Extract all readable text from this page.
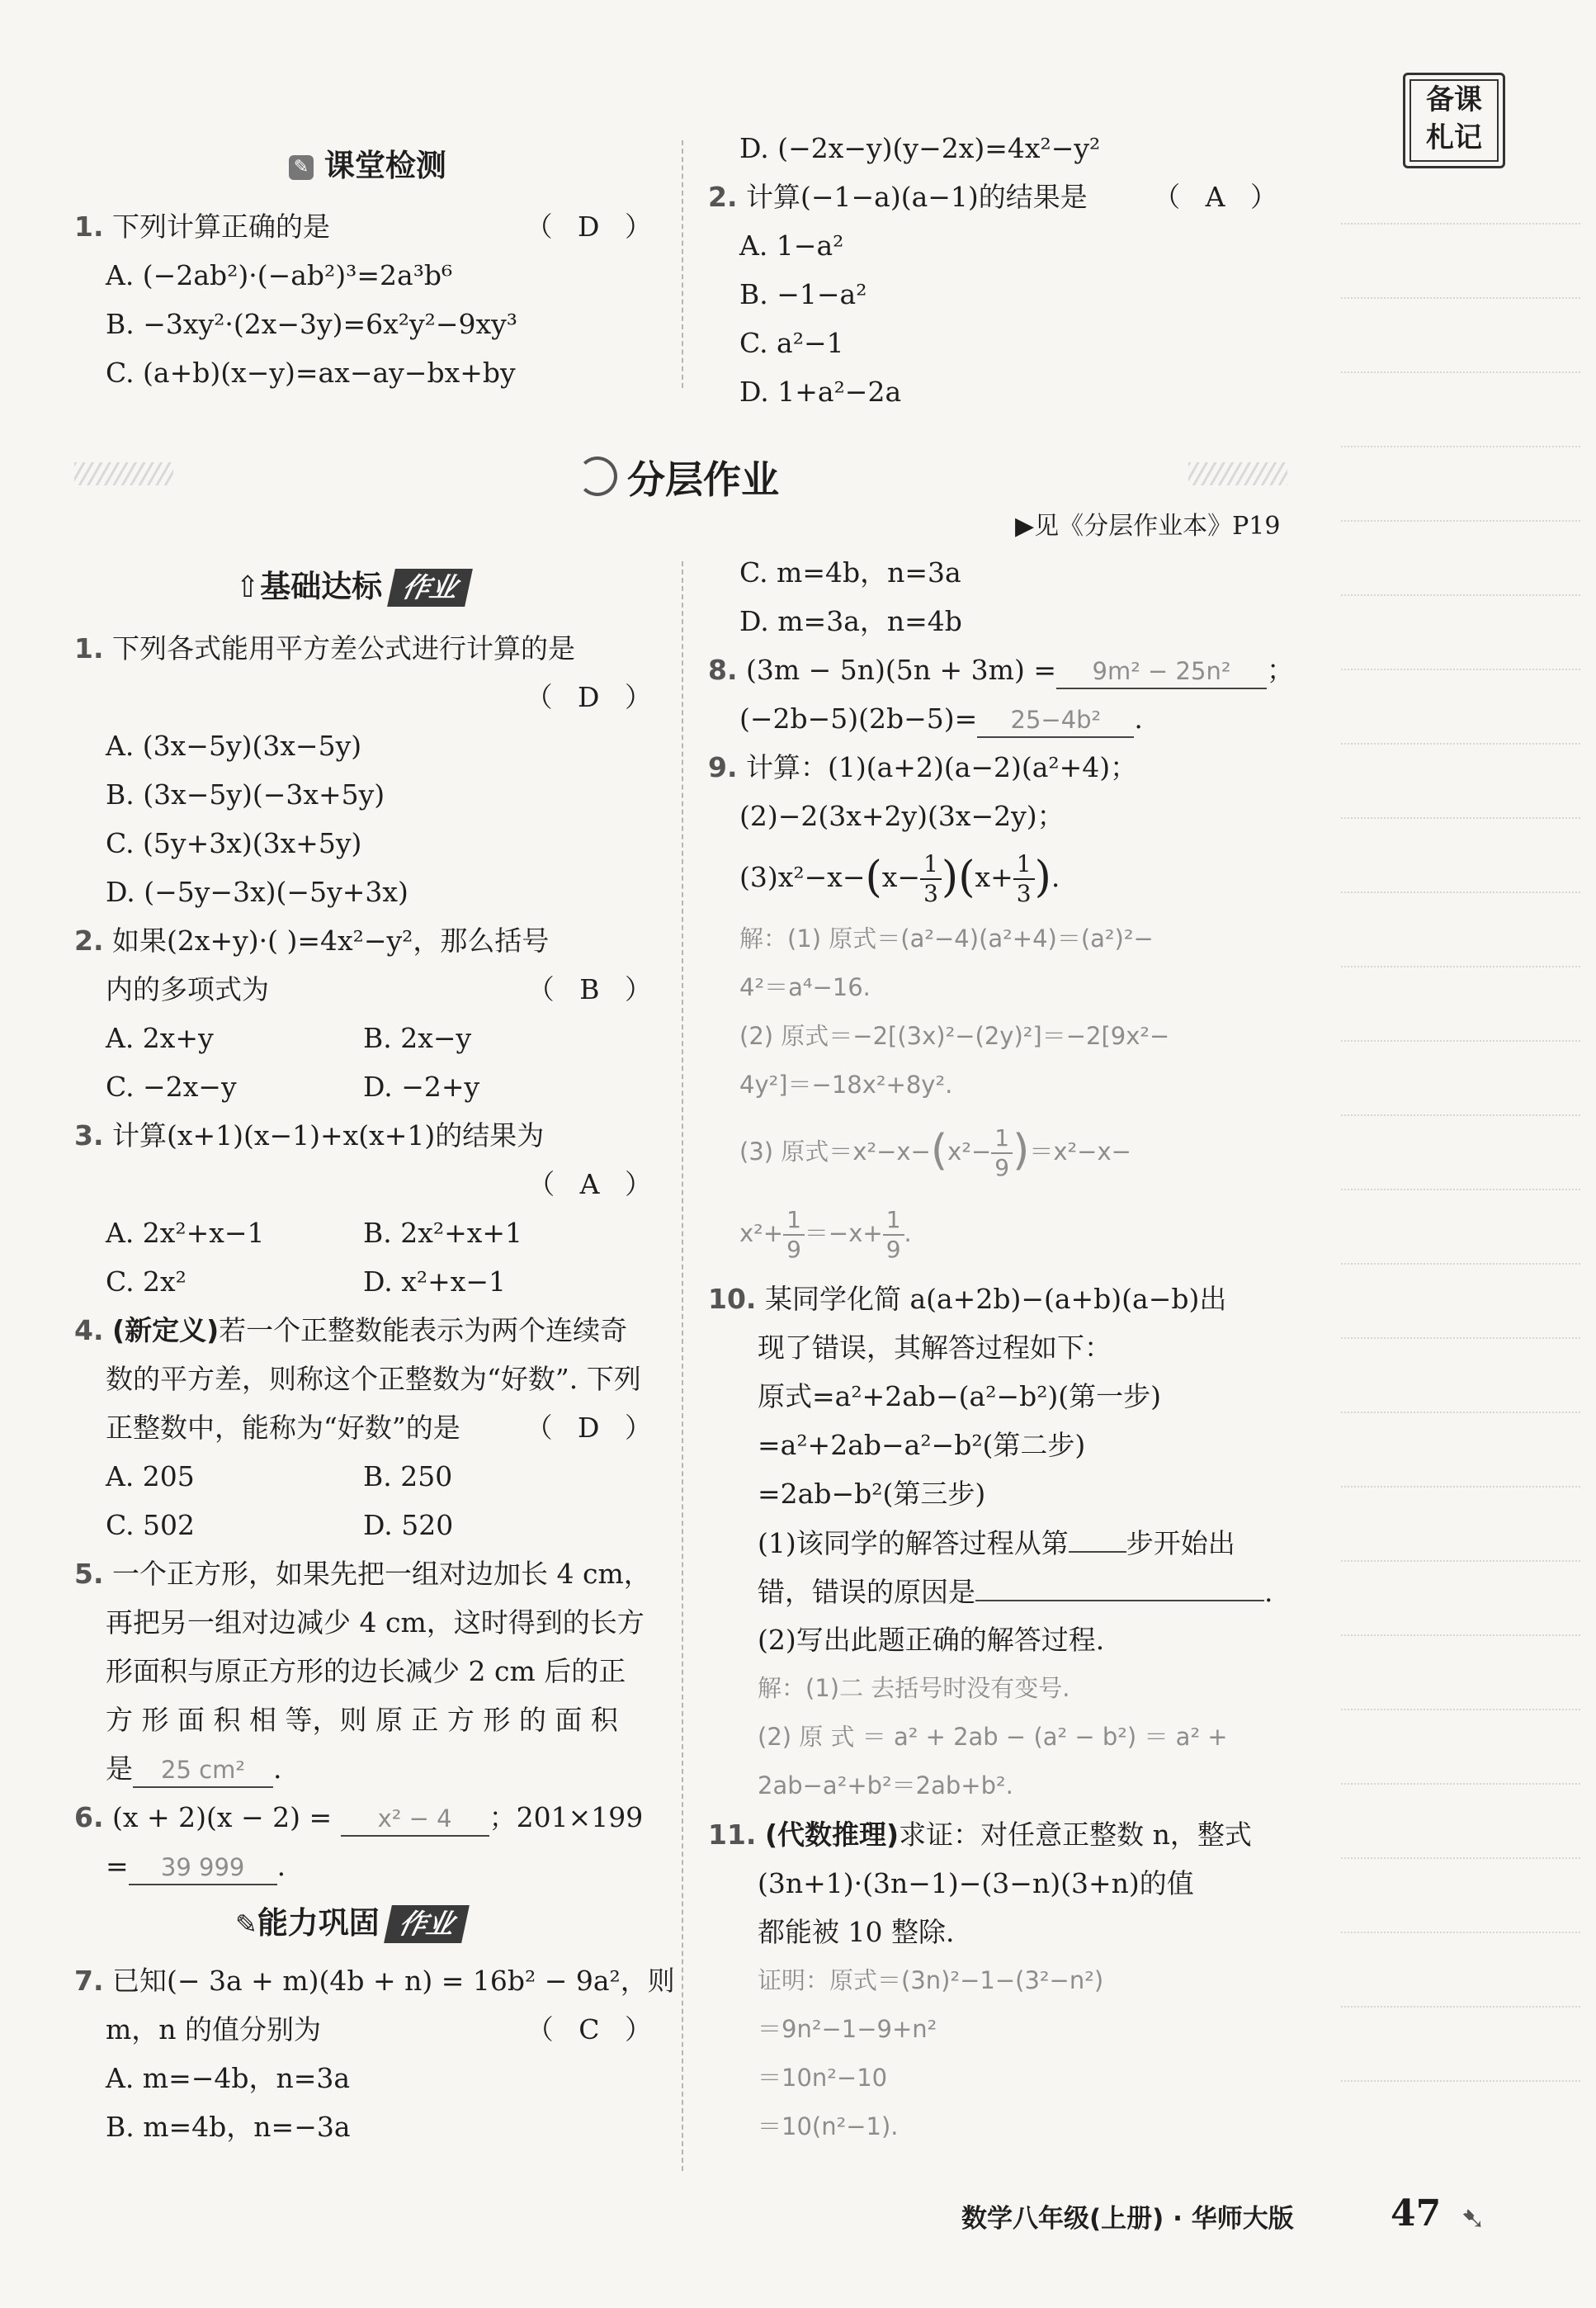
备课
札记
✎ 课堂检测
1. 下列计算正确的是	（ D ）
A. (−2ab²)·(−ab²)³=2a³b⁶
B. −3xy²·(2x−3y)=6x²y²−9xy³
C. (a+b)(x−y)=ax−ay−bx+by
D. (−2x−y)(y−2x)=4x²−y²
2. 计算(−1−a)(a−1)的结果是 （ A ）
A. 1−a²
B. −1−a²
C. a²−1
D. 1+a²−2a
分层作业
▶见《分层作业本》P19
⇧基础达标 作业
1. 下列各式能用平方差公式进行计算的是
（ D ）
A. (3x−5y)(3x−5y)
B. (3x−5y)(−3x+5y)
C. (5y+3x)(3x+5y)
D. (−5y−3x)(−5y+3x)
2. 如果(2x+y)·( )=4x²−y²，那么括号
内的多项式为	（ B ）
A. 2x+y	B. 2x−y
C. −2x−y	D. −2+y
3. 计算(x+1)(x−1)+x(x+1)的结果为
（ A ）
A. 2x²+x−1	B. 2x²+x+1
C. 2x²	D. x²+x−1
4. (新定义)若一个正整数能表示为两个连续奇
数的平方差，则称这个正整数为“好数”. 下列
正整数中，能称为“好数”的是 （ D ）
A. 205	B. 250
C. 502	D. 520
5. 一个正方形，如果先把一组对边加长 4 cm，
再把另一组对边减少 4 cm，这时得到的长方
形面积与原正方形的边长减少 2 cm 后的正
方 形 面 积 相 等，则 原 正 方 形 的 面 积
是 25 cm² .
6. (x + 2)(x − 2) = x² − 4 ；201×199
= 39 999 .
✎能力巩固 作业
7. 已知(− 3a + m)(4b + n) = 16b² − 9a²，则
m，n 的值分别为	（ C ）
A. m=−4b，n=3a
B. m=4b，n=−3a
C. m=4b，n=3a
D. m=3a，n=4b
8. (3m − 5n)(5n + 3m) = 9m² − 25n² ；
(−2b−5)(2b−5)= 25−4b² .
9. 计算：(1)(a+2)(a−2)(a²+4)；
(2)−2(3x+2y)(3x−2y)；
$(3)x^2-x-(x- \frac{1}{3} )(x+ \frac{1}{3}$ ).
解：(1) 原式＝(a²−4)(a²+4)＝(a²)²−
4²＝a⁴−16.
(2) 原式＝−2[(3x)²−(2y)²]＝−2[9x²−
4y²]＝−18x²+8y².
(3) 原式$=x^2-x-(x^2- \frac{1}{9} )=x^2-x-$
$x^2+ \frac{1}{9} =-x+ \frac{1}{9}$ .
10. 某同学化简 a(a+2b)−(a+b)(a−b)出
现了错误，其解答过程如下：
原式=a²+2ab−(a²−b²)(第一步)
=a²+2ab−a²−b²(第二步)
=2ab−b²(第三步)
(1)该同学的解答过程从第 步开始出
错，错误的原因是	.
(2)写出此题正确的解答过程.
解：(1)二 去括号时没有变号.
(2) 原 式 ＝ a² + 2ab − (a² − b²) ＝ a² +
2ab−a²+b²＝2ab+b².
11. (代数推理)求证：对任意正整数 n，整式
(3n+1)·(3n−1)−(3−n)(3+n)的值
都能被 10 整除.
证明：原式＝(3n)²−1−(3²−n²)
＝9n²−1−9+n²
＝10n²−10
＝10(n²−1).
数学八年级(上册) · 华师大版	47 ➷
